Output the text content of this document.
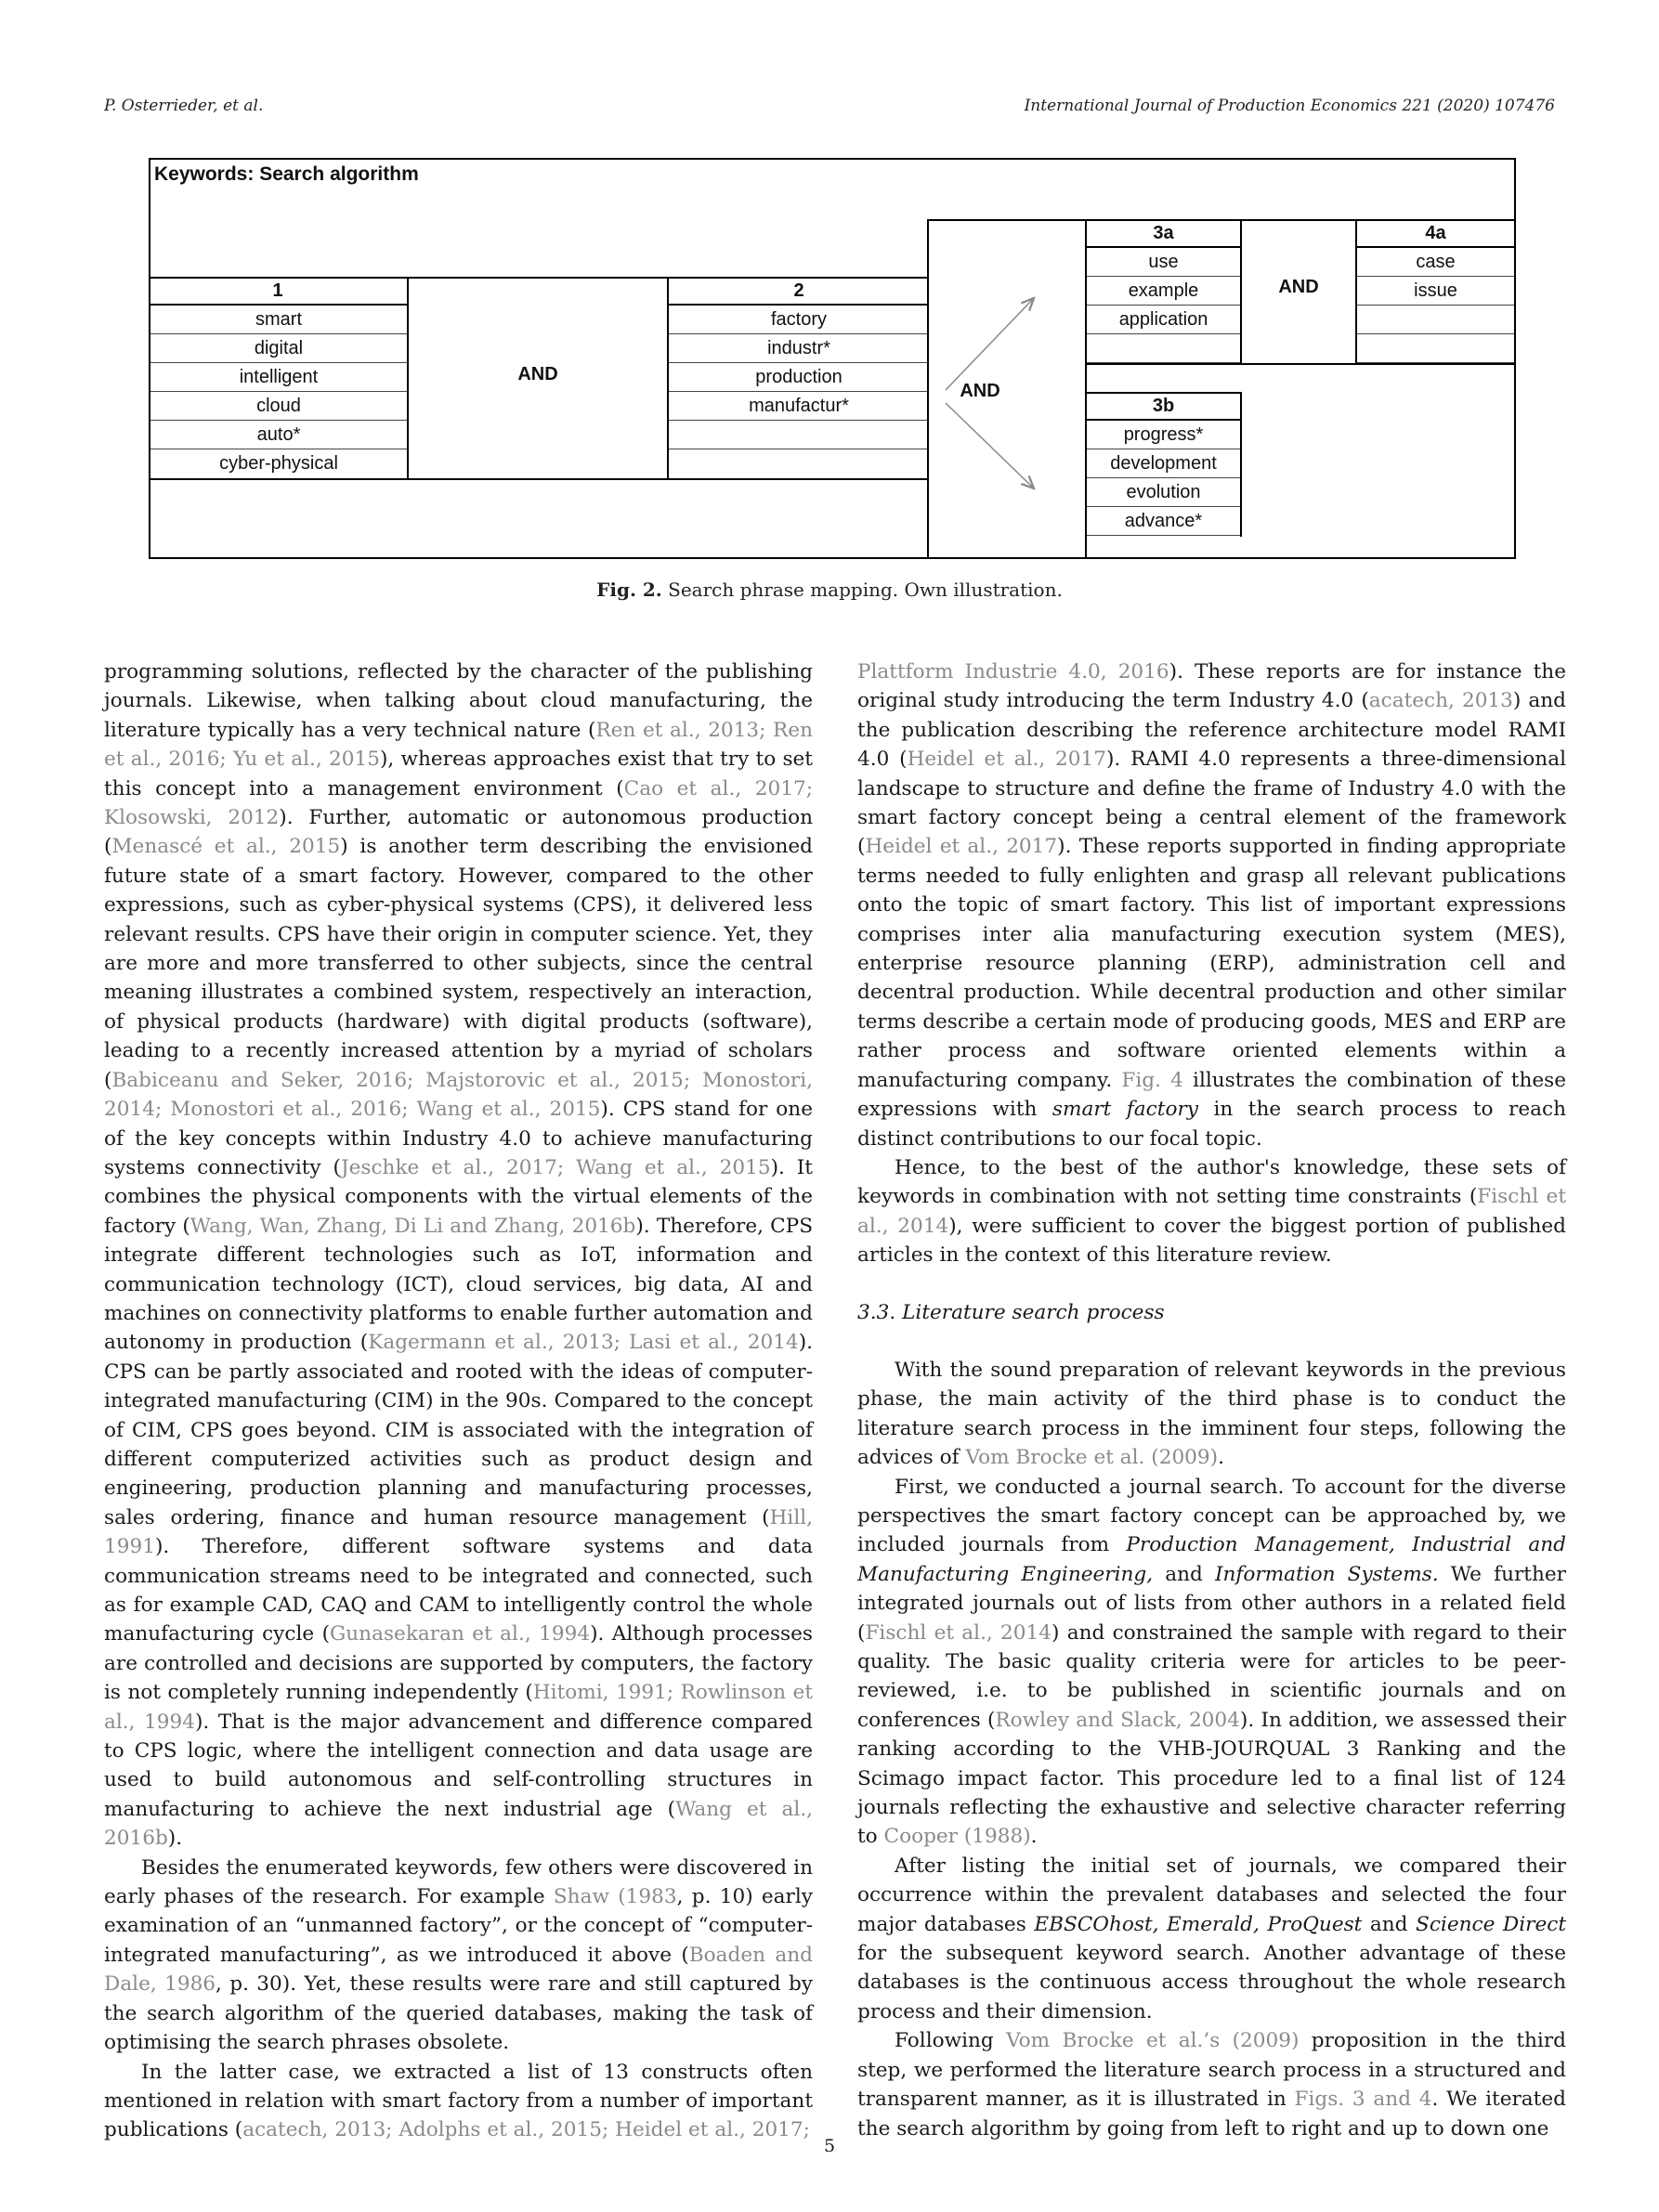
P. Osterrieder, et al.	International Journal of Production Economics 221 (2020) 107476
Keywords: Search algorithm
1
smart
digital
intelligent
cloud
auto*
cyber-physical
AND
2
factory
industr*
production
manufactur*
AND
3a
use
example
application
AND
4a
case
issue
3b
progress*
development
evolution
advance*
Fig. 2. Search phrase mapping. Own illustration.

programming solutions, reflected by the character of the publishing journals. Likewise, when talking about cloud manufacturing, the literature typically has a very technical nature (Ren et al., 2013; Ren et al., 2016; Yu et al., 2015), whereas approaches exist that try to set this concept into a management environment (Cao et al., 2017; Klosowski, 2012). Further, automatic or autonomous production (Menascé et al., 2015) is another term describing the envisioned future state of a smart factory. However, compared to the other expressions, such as cyber-physical systems (CPS), it delivered less relevant results. CPS have their origin in computer science. Yet, they are more and more transferred to other subjects, since the central meaning illustrates a combined system, respectively an interaction, of physical products (hardware) with digital products (software), leading to a recently increased attention by a myriad of scholars (Babiceanu and Seker, 2016; Majstorovic et al., 2015; Monostori, 2014; Monostori et al., 2016; Wang et al., 2015). CPS stand for one of the key concepts within Industry 4.0 to achieve manufacturing systems connectivity (Jeschke et al., 2017; Wang et al., 2015). It combines the physical components with the virtual elements of the factory (Wang, Wan, Zhang, Di Li and Zhang, 2016b). Therefore, CPS integrate different technologies such as IoT, information and communication technology (ICT), cloud services, big data, AI and machines on connectivity platforms to enable further automation and autonomy in production (Kagermann et al., 2013; Lasi et al., 2014). CPS can be partly associated and rooted with the ideas of computer-integrated manufacturing (CIM) in the 90s. Compared to the concept of CIM, CPS goes beyond. CIM is associated with the integration of different computerized activities such as product design and engineering, production planning and manufacturing processes, sales ordering, finance and human resource management (Hill, 1991). Therefore, different software systems and data communication streams need to be integrated and connected, such as for example CAD, CAQ and CAM to intelligently control the whole manufacturing cycle (Gunasekaran et al., 1994). Although processes are controlled and decisions are supported by computers, the factory is not completely running independently (Hitomi, 1991; Rowlinson et al., 1994). That is the major advancement and difference compared to CPS logic, where the intelligent connection and data usage are used to build autonomous and self-controlling structures in manufacturing to achieve the next industrial age (Wang et al., 2016b).

Besides the enumerated keywords, few others were discovered in early phases of the research. For example Shaw (1983, p. 10) early examination of an “unmanned factory”, or the concept of “computer-integrated manufacturing”, as we introduced it above (Boaden and Dale, 1986, p. 30). Yet, these results were rare and still captured by the search algorithm of the queried databases, making the task of optimising the search phrases obsolete.

In the latter case, we extracted a list of 13 constructs often mentioned in relation with smart factory from a number of important publications (acatech, 2013; Adolphs et al., 2015; Heidel et al., 2017;

Plattform Industrie 4.0, 2016). These reports are for instance the original study introducing the term Industry 4.0 (acatech, 2013) and the publication describing the reference architecture model RAMI 4.0 (Heidel et al., 2017). RAMI 4.0 represents a three-dimensional landscape to structure and define the frame of Industry 4.0 with the smart factory concept being a central element of the framework (Heidel et al., 2017). These reports supported in finding appropriate terms needed to fully enlighten and grasp all relevant publications onto the topic of smart factory. This list of important expressions comprises inter alia manufacturing execution system (MES), enterprise resource planning (ERP), administration cell and decentral production. While decentral production and other similar terms describe a certain mode of producing goods, MES and ERP are rather process and software oriented elements within a manufacturing company. Fig. 4 illustrates the combination of these expressions with smart factory in the search process to reach distinct contributions to our focal topic.

Hence, to the best of the author's knowledge, these sets of keywords in combination with not setting time constraints (Fischl et al., 2014), were sufficient to cover the biggest portion of published articles in the context of this literature review.

3.3. Literature search process

With the sound preparation of relevant keywords in the previous phase, the main activity of the third phase is to conduct the literature search process in the imminent four steps, following the advices of Vom Brocke et al. (2009).

First, we conducted a journal search. To account for the diverse perspectives the smart factory concept can be approached by, we included journals from Production Management, Industrial and Manufacturing Engineering, and Information Systems. We further integrated journals out of lists from other authors in a related field (Fischl et al., 2014) and constrained the sample with regard to their quality. The basic quality criteria were for articles to be peer-reviewed, i.e. to be published in scientific journals and on conferences (Rowley and Slack, 2004). In addition, we assessed their ranking according to the VHB-JOURQUAL 3 Ranking and the Scimago impact factor. This procedure led to a final list of 124 journals reflecting the exhaustive and selective character referring to Cooper (1988).

After listing the initial set of journals, we compared their occurrence within the prevalent databases and selected the four major databases EBSCOhost, Emerald, ProQuest and Science Direct for the subsequent keyword search. Another advantage of these databases is the continuous access throughout the whole research process and their dimension.

Following Vom Brocke et al.’s (2009) proposition in the third step, we performed the literature search process in a structured and transparent manner, as it is illustrated in Figs. 3 and 4. We iterated the search algorithm by going from left to right and up to down one

5
